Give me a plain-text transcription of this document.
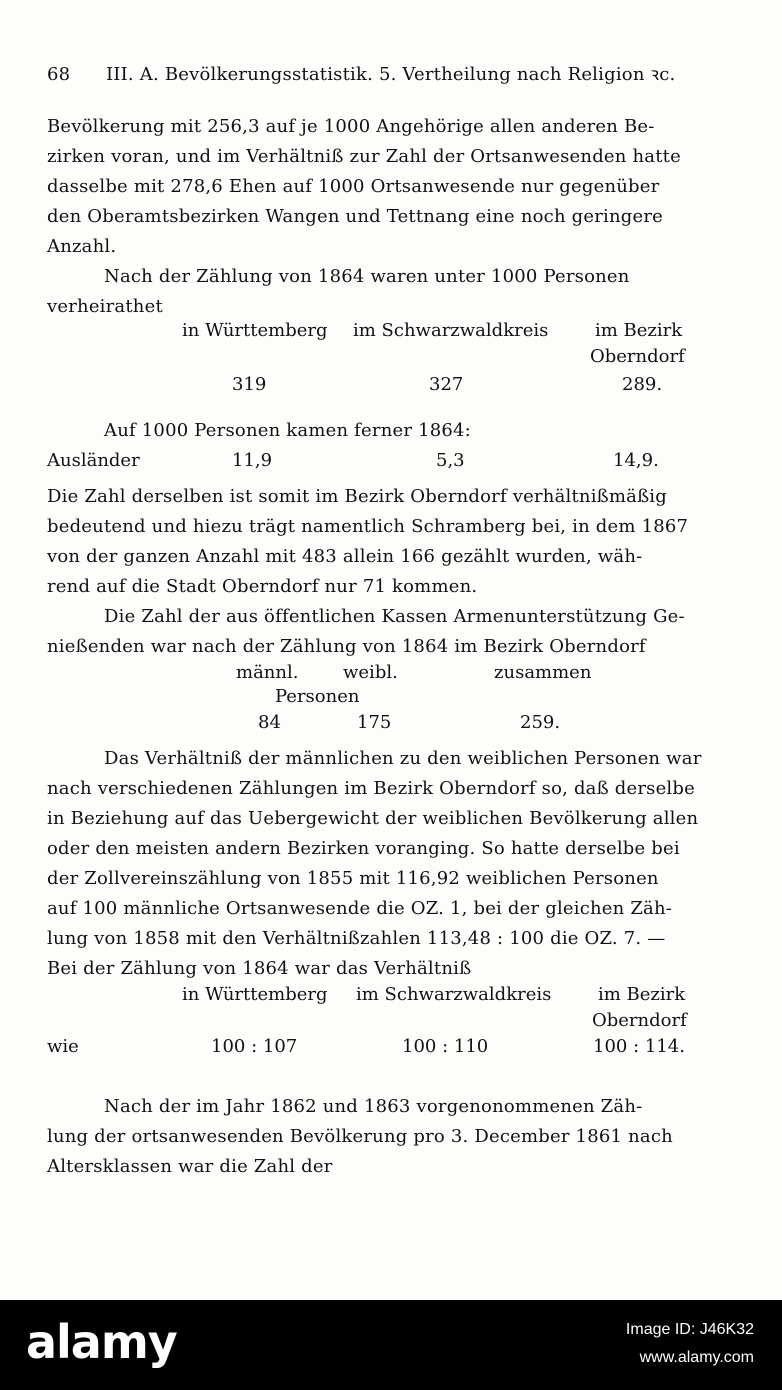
68 III. A. Bevölkerungsstatistik. 5. Vertheilung nach Religion ꝛc.
Bevölkerung mit 256,3 auf je 1000 Angehörige allen anderen Be-
zirken voran, und im Verhältniß zur Zahl der Ortsanwesenden hatte
dasselbe mit 278,6 Ehen auf 1000 Ortsanwesende nur gegenüber
den Oberamtsbezirken Wangen und Tettnang eine noch geringere
Anzahl.
Nach der Zählung von 1864 waren unter 1000 Personen
verheirathet
in Württemberg im Schwarzwaldkreis	im Bezirk
Oberndorf
319	327	289.
Auf 1000 Personen kamen ferner 1864:
Ausländer	11,9	5,3	14,9.
Die Zahl derselben ist somit im Bezirk Oberndorf verhältnißmäßig
bedeutend und hiezu trägt namentlich Schramberg bei, in dem 1867
von der ganzen Anzahl mit 483 allein 166 gezählt wurden, wäh-
rend auf die Stadt Oberndorf nur 71 kommen.
Die Zahl der aus öffentlichen Kassen Armenunterstützung Ge-
nießenden war nach der Zählung von 1864 im Bezirk Oberndorf
männl. weibl.	zusammen
Personen
84	175	259.
Das Verhältniß der männlichen zu den weiblichen Personen war
nach verschiedenen Zählungen im Bezirk Oberndorf so, daß derselbe
in Beziehung auf das Uebergewicht der weiblichen Bevölkerung allen
oder den meisten andern Bezirken voranging. So hatte derselbe bei
der Zollvereinszählung von 1855 mit 116,92 weiblichen Personen
auf 100 männliche Ortsanwesende die OZ. 1, bei der gleichen Zäh-
lung von 1858 mit den Verhältnißzahlen 113,48 : 100 die OZ. 7. —
Bei der Zählung von 1864 war das Verhältniß
in Württemberg im Schwarzwaldkreis	im Bezirk
Oberndorf
wie	100 : 107	100 : 110	100 : 114.
Nach der im Jahr 1862 und 1863 vorgenonommenen Zäh-
lung der ortsanwesenden Bevölkerung pro 3. December 1861 nach
Altersklassen war die Zahl der
alamy	Image ID: J46K32
www.alamy.com
